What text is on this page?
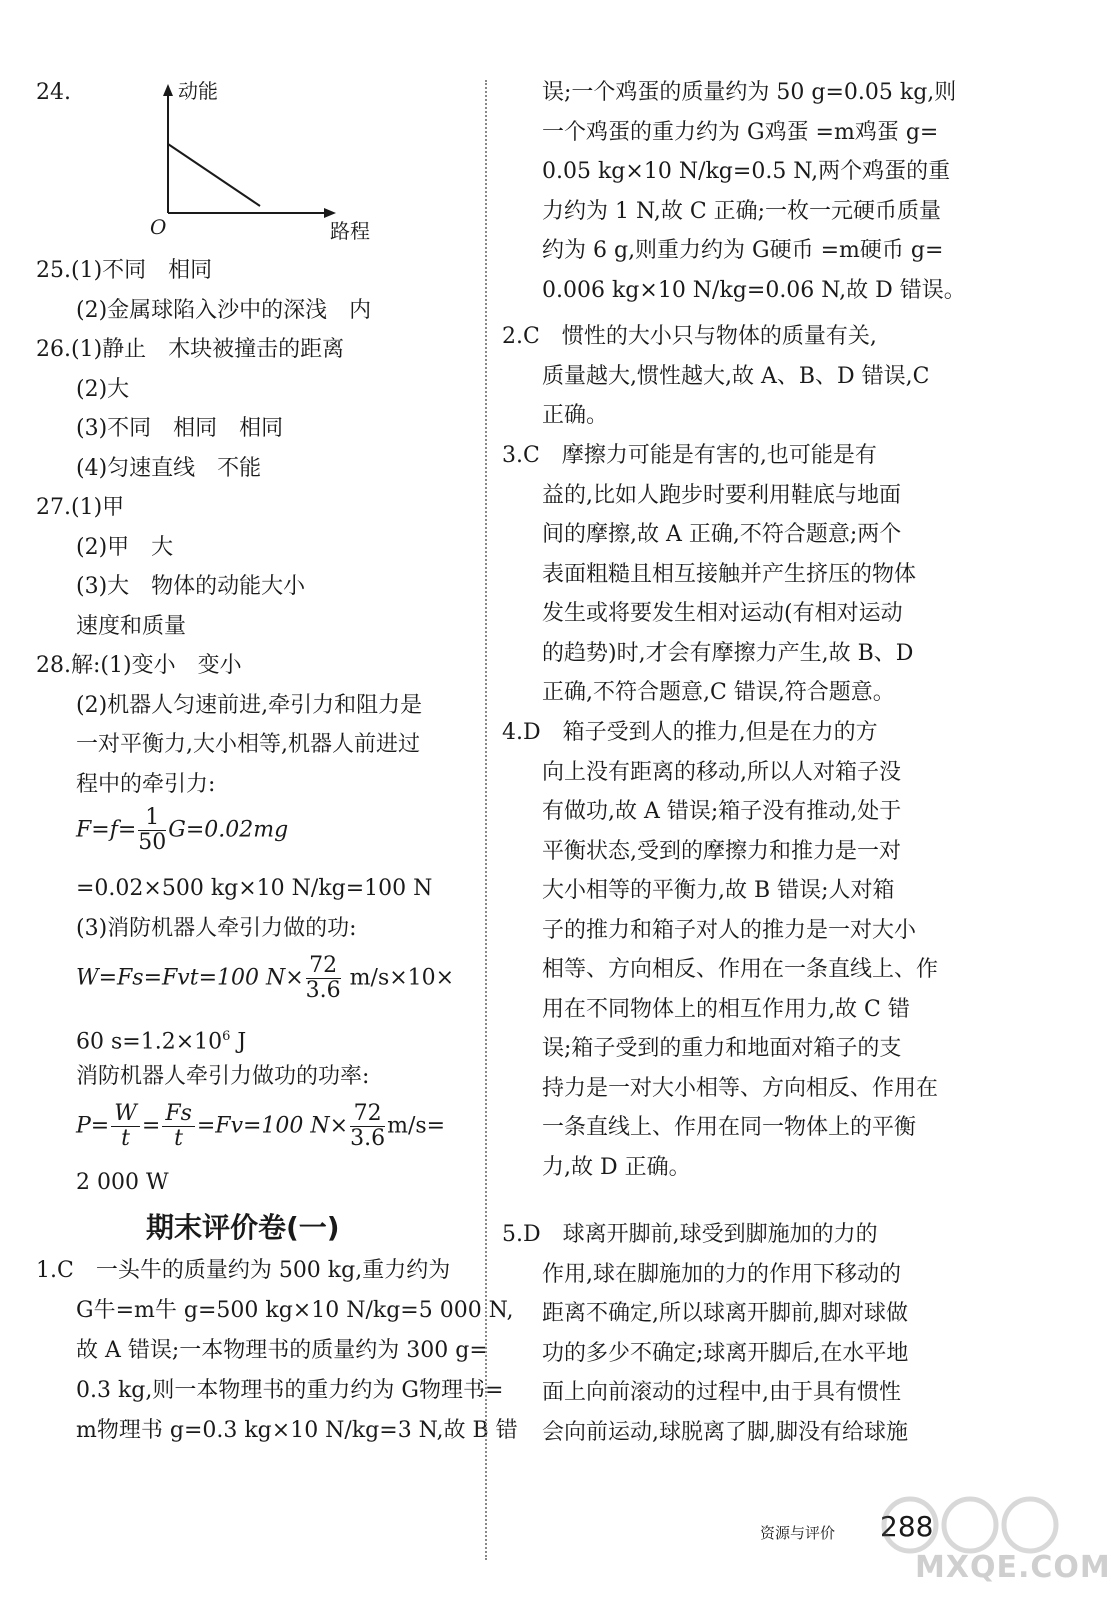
24.	动能
路程
O
25.(1)不同　相同
(2)金属球陷入沙中的深浅　内
26.(1)静止　木块被撞击的距离
(2)大
(3)不同　相同　相同
(4)匀速直线　不能
27.(1)甲
(2)甲　大
(3)大　物体的动能大小
速度和质量
28.解:(1)变小　变小
(2)机器人匀速前进,牵引力和阻力是
一对平衡力,大小相等,机器人前进过
程中的牵引力:
$F=f= \frac{1}{50} G=0.02mg$
=0.02×500 kg×10 N/kg=100 N
(3)消防机器人牵引力做的功:
W=Fs=Fvt=100 $N\times \frac{72}{3.6} m/s\times 10\times$
60 $s=1.2\times 10^6$ J
消防机器人牵引力做功的功率:
$P= \frac{W}{t} = \frac{Fs}{t} =Fv=100$ $N\times \frac{72}{3.6} m/s=$
2 000 W
期末评价卷(一)
1.C　一头牛的质量约为 500 kg,重力约为
G牛=m牛 g=500 kg×10 N/kg=5 000 N,
故 A 错误;一本物理书的质量约为 300 g=
0.3 kg,则一本物理书的重力约为 G物理书=
m物理书 g=0.3 kg×10 N/kg=3 N,故 B 错
误;一个鸡蛋的质量约为 50 g=0.05 kg,则
一个鸡蛋的重力约为 G鸡蛋 =m鸡蛋 g=
0.05 kg×10 N/kg=0.5 N,两个鸡蛋的重
力约为 1 N,故 C 正确;一枚一元硬币质量
约为 6 g,则重力约为 G硬币 =m硬币 g=
0.006 kg×10 N/kg=0.06 N,故 D 错误。
2.C　惯性的大小只与物体的质量有关,
质量越大,惯性越大,故 A、B、D 错误,C
正确。
3.C　摩擦力可能是有害的,也可能是有
益的,比如人跑步时要利用鞋底与地面
间的摩擦,故 A 正确,不符合题意;两个
表面粗糙且相互接触并产生挤压的物体
发生或将要发生相对运动(有相对运动
的趋势)时,才会有摩擦力产生,故 B、D
正确,不符合题意,C 错误,符合题意。
4.D　箱子受到人的推力,但是在力的方
向上没有距离的移动,所以人对箱子没
有做功,故 A 错误;箱子没有推动,处于
平衡状态,受到的摩擦力和推力是一对
大小相等的平衡力,故 B 错误;人对箱
子的推力和箱子对人的推力是一对大小
相等、方向相反、作用在一条直线上、作
用在不同物体上的相互作用力,故 C 错
误;箱子受到的重力和地面对箱子的支
持力是一对大小相等、方向相反、作用在
一条直线上、作用在同一物体上的平衡
力,故 D 正确。
5.D　球离开脚前,球受到脚施加的力的
作用,球在脚施加的力的作用下移动的
距离不确定,所以球离开脚前,脚对球做
功的多少不确定;球离开脚后,在水平地
面上向前滚动的过程中,由于具有惯性
会向前运动,球脱离了脚,脚没有给球施
资源与评价 288
MXQE.COM
